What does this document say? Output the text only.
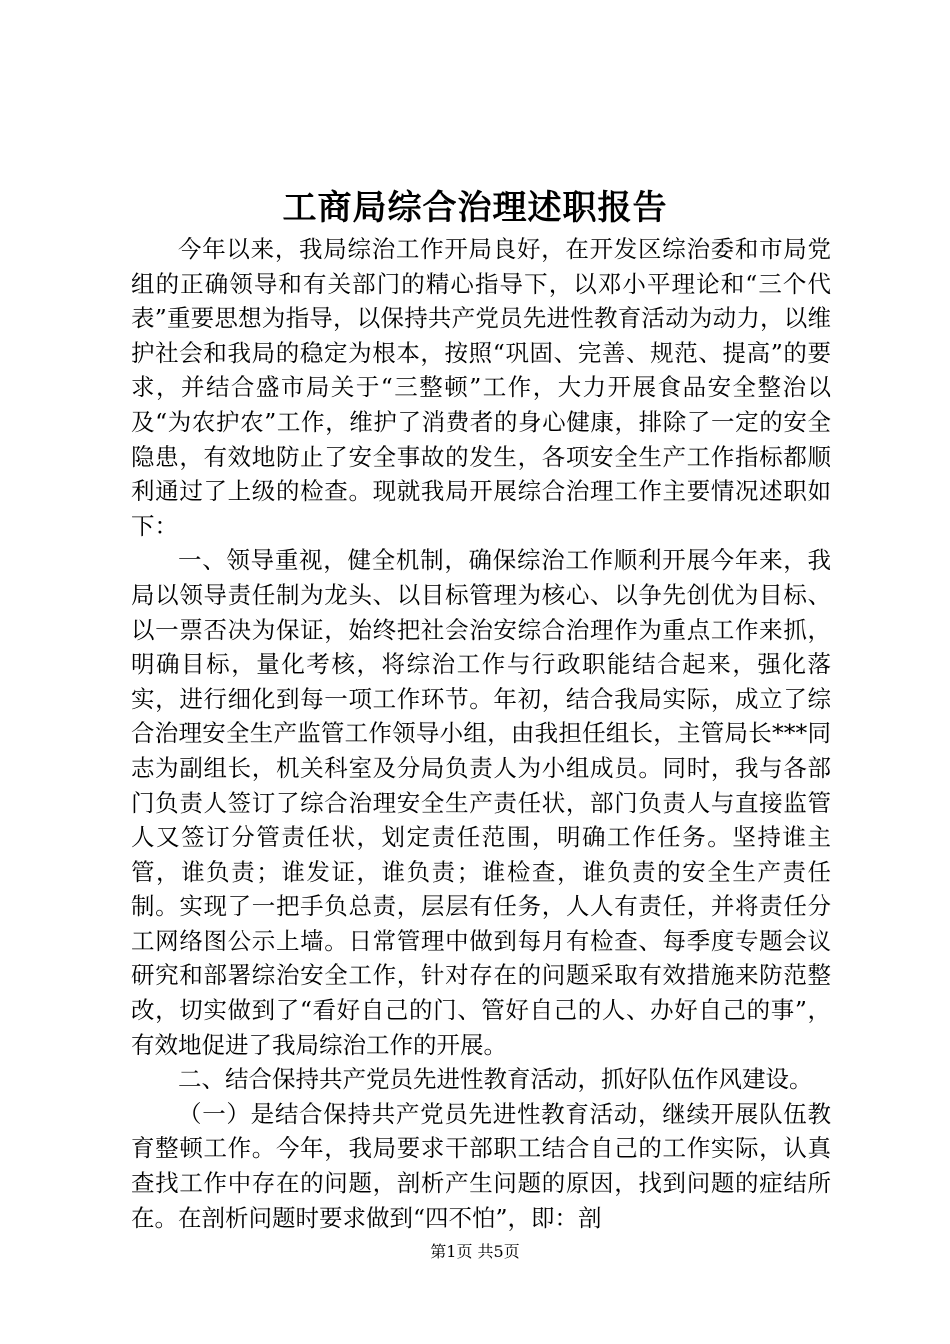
工商局综合治理述职报告

今年以来，我局综治工作开局良好，在开发区综治委和市局党组的正确领导和有关部门的精心指导下，以邓小平理论和“三个代表”重要思想为指导，以保持共产党员先进性教育活动为动力，以维护社会和我局的稳定为根本，按照“巩固、完善、规范、提高”的要求，并结合盛市局关于“三整顿”工作，大力开展食品安全整治以及“为农护农”工作，维护了消费者的身心健康，排除了一定的安全隐患，有效地防止了安全事故的发生，各项安全生产工作指标都顺利通过了上级的检查。现就我局开展综合治理工作主要情况述职如下：

一、领导重视，健全机制，确保综治工作顺利开展今年来，我局以领导责任制为龙头、以目标管理为核心、以争先创优为目标、以一票否决为保证，始终把社会治安综合治理作为重点工作来抓，明确目标，量化考核，将综治工作与行政职能结合起来，强化落实，进行细化到每一项工作环节。年初，结合我局实际，成立了综合治理安全生产监管工作领导小组，由我担任组长，主管局长***同志为副组长，机关科室及分局负责人为小组成员。同时，我与各部门负责人签订了综合治理安全生产责任状，部门负责人与直接监管人又签订分管责任状，划定责任范围，明确工作任务。坚持谁主管，谁负责；谁发证，谁负责；谁检查，谁负责的安全生产责任制。实现了一把手负总责，层层有任务，人人有责任，并将责任分工网络图公示上墙。日常管理中做到每月有检查、每季度专题会议研究和部署综治安全工作，针对存在的问题采取有效措施来防范整改，切实做到了“看好自己的门、管好自己的人、办好自己的事”，有效地促进了我局综治工作的开展。

二、结合保持共产党员先进性教育活动，抓好队伍作风建设。

（一）是结合保持共产党员先进性教育活动，继续开展队伍教育整顿工作。今年，我局要求干部职工结合自己的工作实际，认真查找工作中存在的问题，剖析产生问题的原因，找到问题的症结所在。在剖析问题时要求做到“四不怕”，即：剖

第1页 共5页
